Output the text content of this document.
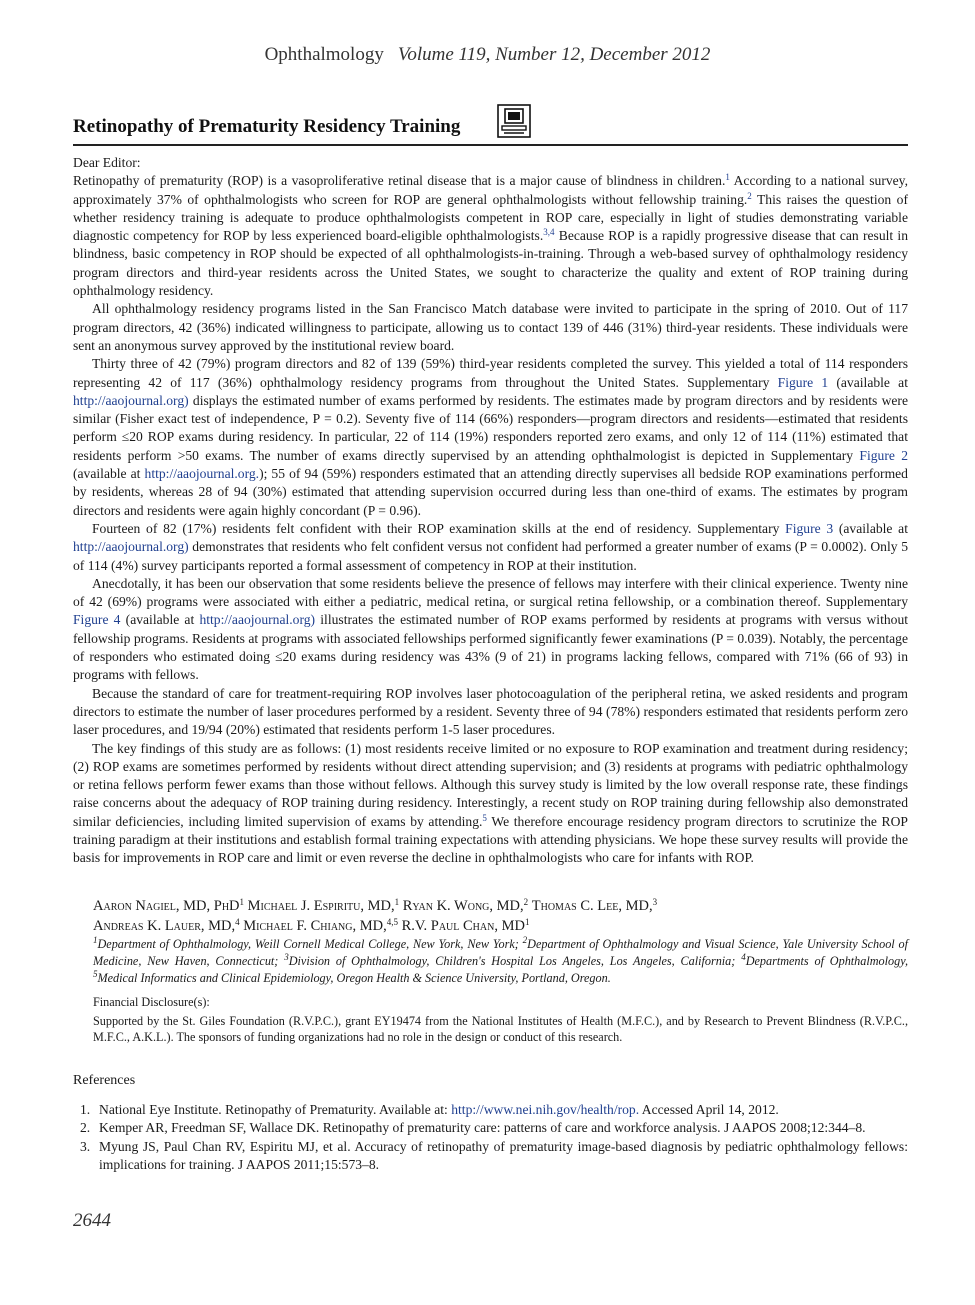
Ophthalmology Volume 119, Number 12, December 2012
Retinopathy of Prematurity Residency Training

Dear Editor:

Retinopathy of prematurity (ROP) is a vasoproliferative retinal disease that is a major cause of blindness in children.$^1$ According to a national survey, approximately 37% of ophthalmologists who screen for ROP are general ophthalmologists without fellowship training.$^2$ This raises the question of whether residency training is adequate to produce ophthalmologists competent in ROP care, especially in light of studies demonstrating variable diagnostic competency for ROP by less experienced board-eligible ophthalmologists.$^{3,4}$ Because ROP is a rapidly progressive disease that can result in blindness, basic competency in ROP should be expected of all ophthalmologists-in-training. Through a web-based survey of ophthalmology residency program directors and third-year residents across the United States, we sought to characterize the quality and extent of ROP training during ophthalmology residency.

All ophthalmology residency programs listed in the San Francisco Match database were invited to participate in the spring of 2010. Out of 117 program directors, 42 (36%) indicated willingness to participate, allowing us to contact 139 of 446 (31%) third-year residents. These individuals were sent an anonymous survey approved by the institutional review board.

Thirty three of 42 (79%) program directors and 82 of 139 (59%) third-year residents completed the survey. This yielded a total of 114 responders representing 42 of 117 (36%) ophthalmology residency programs from throughout the United States. Supplementary Figure 1 (available at http://aaojournal.org) displays the estimated number of exams performed by residents. The estimates made by program directors and by residents were similar (Fisher exact test of independence, P = 0.2). Seventy five of 114 (66%) responders—program directors and residents—estimated that residents perform ≤20 ROP exams during residency. In particular, 22 of 114 (19%) responders reported zero exams, and only 12 of 114 (11%) estimated that residents perform >50 exams. The number of exams directly supervised by an attending ophthalmologist is depicted in Supplementary Figure 2 (available at http://aaojournal.org.); 55 of 94 (59%) responders estimated that an attending directly supervises all bedside ROP examinations performed by residents, whereas 28 of 94 (30%) estimated that attending supervision occurred during less than one-third of exams. The estimates by program directors and residents were again highly concordant (P = 0.96).

Fourteen of 82 (17%) residents felt confident with their ROP examination skills at the end of residency. Supplementary Figure 3 (available at http://aaojournal.org) demonstrates that residents who felt confident versus not confident had performed a greater number of exams (P = 0.0002). Only 5 of 114 (4%) survey participants reported a formal assessment of competency in ROP at their institution.

Anecdotally, it has been our observation that some residents believe the presence of fellows may interfere with their clinical experience. Twenty nine of 42 (69%) programs were associated with either a pediatric, medical retina, or surgical retina fellowship, or a combination thereof. Supplementary Figure 4 (available at http://aaojournal.org) illustrates the estimated number of ROP exams performed by residents at programs with versus without fellowship programs. Residents at programs with associated fellowships performed significantly fewer examinations (P = 0.039). Notably, the percentage of responders who estimated doing ≤20 exams during residency was 43% (9 of 21) in programs lacking fellows, compared with 71% (66 of 93) in programs with fellows.

Because the standard of care for treatment-requiring ROP involves laser photocoagulation of the peripheral retina, we asked residents and program directors to estimate the number of laser procedures performed by a resident. Seventy three of 94 (78%) responders estimated that residents perform zero laser procedures, and 19/94 (20%) estimated that residents perform 1-5 laser procedures.

The key findings of this study are as follows: (1) most residents receive limited or no exposure to ROP examination and treatment during residency; (2) ROP exams are sometimes performed by residents without direct attending supervision; and (3) residents at programs with pediatric ophthalmology or retina fellows perform fewer exams than those without fellows. Although this survey study is limited by the low overall response rate, these findings raise concerns about the adequacy of ROP training during residency. Interestingly, a recent study on ROP training during fellowship also demonstrated similar deficiencies, including limited supervision of exams by attending.$^5$ We therefore encourage residency program directors to scrutinize the ROP training paradigm at their institutions and establish formal training expectations with attending physicians. We hope these survey results will provide the basis for improvements in ROP care and limit or even reverse the decline in ophthalmologists who care for infants with ROP.

Aaron Nagiel, MD, PhD$^1$ Michael J. Espiritu, MD,$^1$ Ryan K. Wong, MD,$^2$ Thomas C. Lee, MD,$^3$
Andreas K. Lauer, MD,$^4$ Michael F. Chiang, MD,$^{4,5}$ R.V. Paul Chan, $MD^1$
$^1$Department of Ophthalmology, Weill Cornell Medical College, New York, New York; $^2$Department of Ophthalmology and Visual Science, Yale University School of Medicine, New Haven, Connecticut; $^3$Division of Ophthalmology, Children's Hospital Los Angeles, Los Angeles, California; $^4$Departments of Ophthalmology, $^5$Medical Informatics and Clinical Epidemiology, Oregon Health & Science University, Portland, Oregon.
Financial Disclosure(s):
Supported by the St. Giles Foundation (R.V.P.C.), grant EY19474 from the National Institutes of Health (M.F.C.), and by Research to Prevent Blindness (R.V.P.C., M.F.C., A.K.L.). The sponsors of funding organizations had no role in the design or conduct of this research.
References
1. National Eye Institute. Retinopathy of Prematurity. Available at: http://www.nei.nih.gov/health/rop. Accessed April 14, 2012.
2. Kemper AR, Freedman SF, Wallace DK. Retinopathy of prematurity care: patterns of care and workforce analysis. J AAPOS 2008;12:344–8.
3. Myung JS, Paul Chan RV, Espiritu MJ, et al. Accuracy of retinopathy of prematurity image-based diagnosis by pediatric ophthalmology fellows: implications for training. J AAPOS 2011;15:573–8.
2644
